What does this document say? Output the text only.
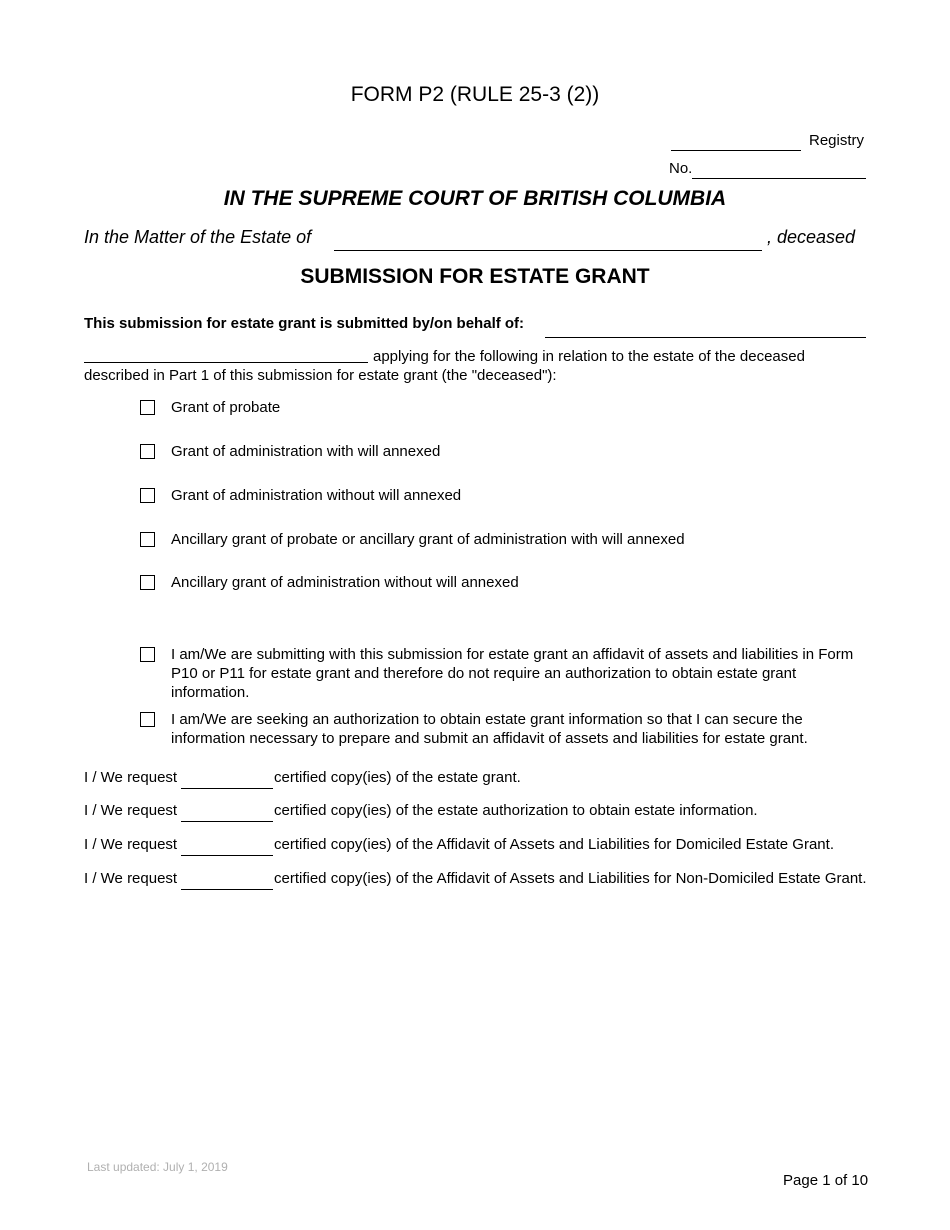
FORM P2 (RULE 25-3 (2))
Registry
No.
IN THE SUPREME COURT OF BRITISH COLUMBIA
In the Matter of the Estate of	, deceased
SUBMISSION FOR ESTATE GRANT
This submission for estate grant is submitted by/on behalf of:
applying for the following in relation to the estate of the deceased
described in Part 1 of this submission for estate grant (the "deceased"):
Grant of probate
Grant of administration with will annexed
Grant of administration without will annexed
Ancillary grant of probate or ancillary grant of administration with will annexed
Ancillary grant of administration without will annexed
I am/We are submitting with this submission for estate grant an affidavit of assets and liabilities in Form P10 or P11 for estate grant and therefore do not require an authorization to obtain estate grant information.
I am/We are seeking an authorization to obtain estate grant information so that I can secure the information necessary to prepare and submit an affidavit of assets and liabilities for estate grant.
I / We request	certified copy(ies) of the estate grant.
I / We request	certified copy(ies) of the estate authorization to obtain estate information.
I / We request	certified copy(ies) of the Affidavit of Assets and Liabilities for Domiciled Estate Grant.
I / We request	certified copy(ies) of the Affidavit of Assets and Liabilities for Non-Domiciled Estate Grant.
Last updated: July 1, 2019
Page 1 of 10
